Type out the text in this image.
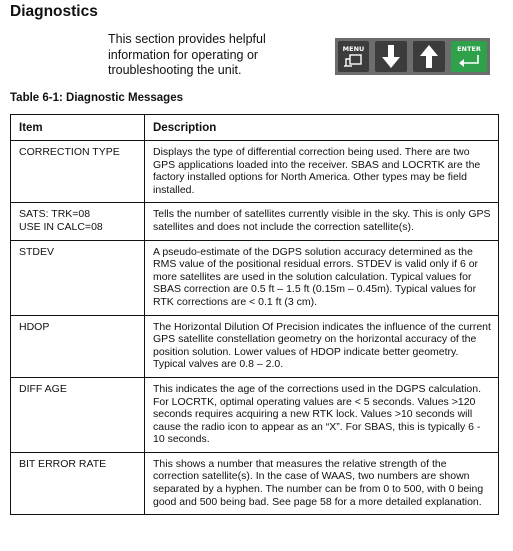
Diagnostics
This section provides helpful information for operating or troubleshooting the unit.
MENU	ENTER
Table 6-1: Diagnostic Messages
Item	Description

CORRECTION TYPE	Displays the type of differential correction being used. There are two GPS applications loaded into the receiver. SBAS and LOCRTK are the factory installed options for North America. Other types may be field installed.

SATS: TRK=08
USE IN CALC=08	Tells the number of satellites currently visible in the sky. This is only GPS satellites and does not include the correction satellite(s).

STDEV	A pseudo-estimate of the DGPS solution accuracy determined as the RMS value of the positional residual errors. STDEV is valid only if 6 or more satellites are used in the solution calculation. Typical values for SBAS correction are 0.5 ft – 1.5 ft (0.15m – 0.45m). Typical values for RTK corrections are < 0.1 ft (3 cm).

HDOP	The Horizontal Dilution Of Precision indicates the influence of the current GPS satellite constellation geometry on the horizontal accuracy of the position solution. Lower values of HDOP indicate better geometry. Typical valves are 0.8 – 2.0.

DIFF AGE	This indicates the age of the corrections used in the DGPS calculation. For LOCRTK, optimal operating values are < 5 seconds. Values >120 seconds requires acquiring a new RTK lock. Values >10 seconds will cause the radio icon to appear as an “X”. For SBAS, this is typically 6 - 10 seconds.

BIT ERROR RATE	This shows a number that measures the relative strength of the correction satellite(s). In the case of WAAS, two numbers are shown separated by a hyphen. The number can be from 0 to 500, with 0 being good and 500 being bad. See page 58 for a more detailed explanation.
